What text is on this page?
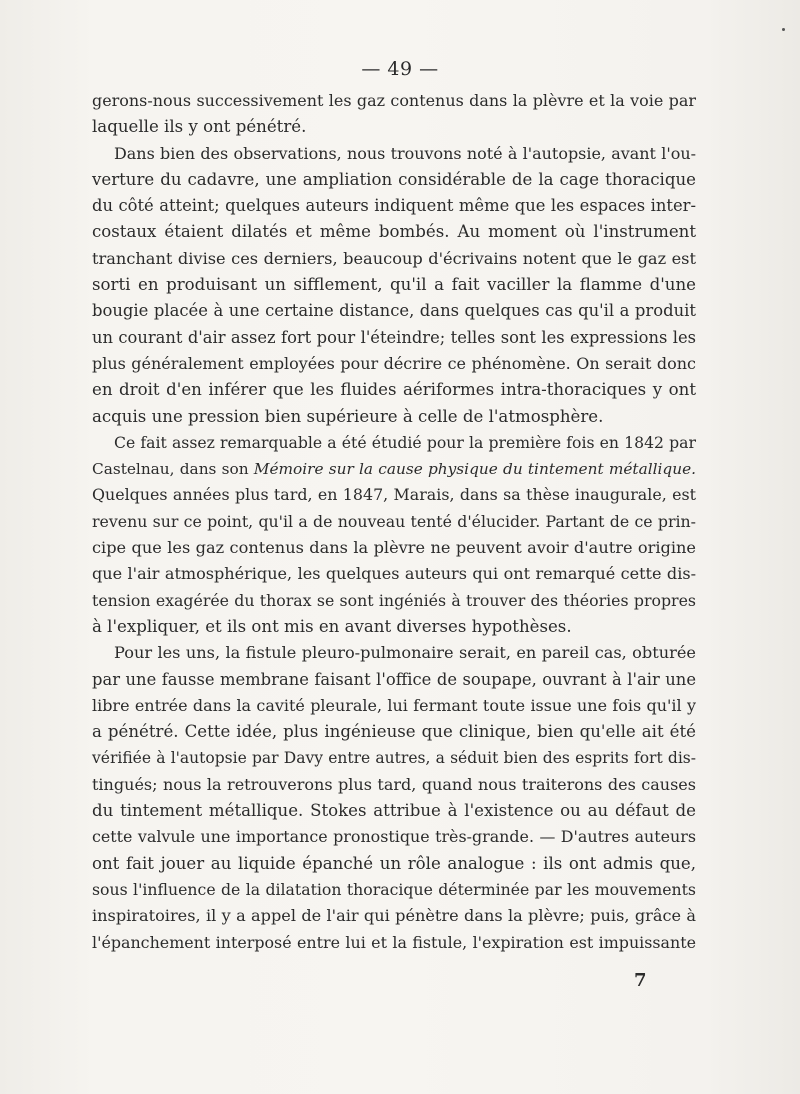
— 49 —

gerons-nous successivement les gaz contenus dans la plèvre et la voie par
laquelle ils y ont pénétré.

Dans bien des observations, nous trouvons noté à l'autopsie, avant l'ou-
verture du cadavre, une ampliation considérable de la cage thoracique
du côté atteint; quelques auteurs indiquent même que les espaces inter-
costaux étaient dilatés et même bombés. Au moment où l'instrument
tranchant divise ces derniers, beaucoup d'écrivains notent que le gaz est
sorti en produisant un sifflement, qu'il a fait vaciller la flamme d'une
bougie placée à une certaine distance, dans quelques cas qu'il a produit
un courant d'air assez fort pour l'éteindre; telles sont les expressions les
plus généralement employées pour décrire ce phénomène. On serait donc
en droit d'en inférer que les fluides aériformes intra-thoraciques y ont
acquis une pression bien supérieure à celle de l'atmosphère.

Ce fait assez remarquable a été étudié pour la première fois en 1842 par
Castelnau, dans son Mémoire sur la cause physique du tintement métallique.
Quelques années plus tard, en 1847, Marais, dans sa thèse inaugurale, est
revenu sur ce point, qu'il a de nouveau tenté d'élucider. Partant de ce prin-
cipe que les gaz contenus dans la plèvre ne peuvent avoir d'autre origine
que l'air atmosphérique, les quelques auteurs qui ont remarqué cette dis-
tension exagérée du thorax se sont ingéniés à trouver des théories propres
à l'expliquer, et ils ont mis en avant diverses hypothèses.

Pour les uns, la fistule pleuro-pulmonaire serait, en pareil cas, obturée
par une fausse membrane faisant l'office de soupape, ouvrant à l'air une
libre entrée dans la cavité pleurale, lui fermant toute issue une fois qu'il y
a pénétré. Cette idée, plus ingénieuse que clinique, bien qu'elle ait été
vérifiée à l'autopsie par Davy entre autres, a séduit bien des esprits fort dis-
tingués; nous la retrouverons plus tard, quand nous traiterons des causes
du tintement métallique. Stokes attribue à l'existence ou au défaut de
cette valvule une importance pronostique très-grande. — D'autres auteurs
ont fait jouer au liquide épanché un rôle analogue : ils ont admis que,
sous l'influence de la dilatation thoracique déterminée par les mouvements
inspiratoires, il y a appel de l'air qui pénètre dans la plèvre; puis, grâce à
l'épanchement interposé entre lui et la fistule, l'expiration est impuissante

7
